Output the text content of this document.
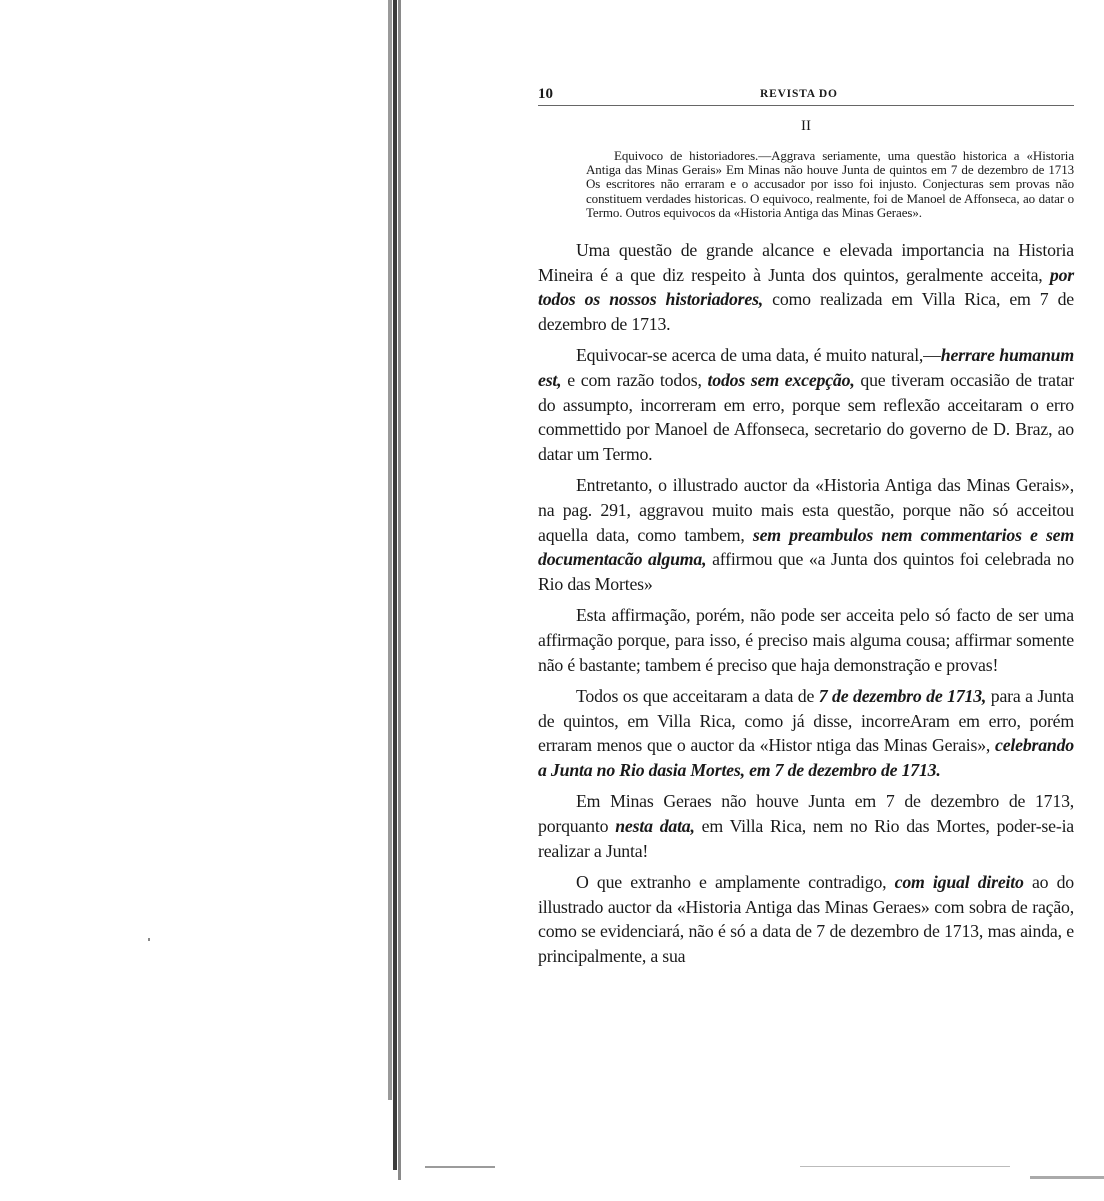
10	REVISTA DO
II
Equivoco de historiadores.—Aggrava seriamente, uma questão historica a «Historia Antiga das Minas Gerais» Em Minas não houve Junta de quintos em 7 de dezembro de 1713 Os escritores não erraram e o accusador por isso foi injusto. Conjecturas sem provas não constituem verdades historicas. O equivoco, realmente, foi de Manoel de Affonseca, ao datar o Termo. Outros equivocos da «Historia Antiga das Minas Geraes».

Uma questão de grande alcance e elevada importancia na Historia Mineira é a que diz respeito à Junta dos quintos, geralmente acceita, por todos os nossos historiadores, como realizada em Villa Rica, em 7 de dezembro de 1713.

Equivocar-se acerca de uma data, é muito natural,—herrare humanum est, e com razão todos, todos sem excepção, que tiveram occasião de tratar do assumpto, incorreram em erro, porque sem reflexão acceitaram o erro commettido por Manoel de Affonseca, secretario do governo de D. Braz, ao datar um Termo.

Entretanto, o illustrado auctor da «Historia Antiga das Minas Gerais», na pag. 291, aggravou muito mais esta questão, porque não só acceitou aquella data, como tambem, sem preambulos nem commentarios e sem documentacão alguma, affirmou que «a Junta dos quintos foi celebrada no Rio das Mortes»

Esta affirmação, porém, não pode ser acceita pelo só facto de ser uma affirmação porque, para isso, é preciso mais alguma cousa; affirmar somente não é bastante; tambem é preciso que haja demonstração e provas!

Todos os que acceitaram a data de 7 de dezembro de 1713, para a Junta de quintos, em Villa Rica, como já disse, incorreAram em erro, porém erraram menos que o auctor da «Histor ntiga das Minas Gerais», celebrando a Junta no Rio dasia Mortes, em 7 de dezembro de 1713.

Em Minas Geraes não houve Junta em 7 de dezembro de 1713, porquanto nesta data, em Villa Rica, nem no Rio das Mortes, poder-se-ia realizar a Junta!

O que extranho e amplamente contradigo, com igual direito ao do illustrado auctor da «Historia Antiga das Minas Geraes» com sobra de ração, como se evidenciará, não é só a data de 7 de dezembro de 1713, mas ainda, e principalmente, a sua
